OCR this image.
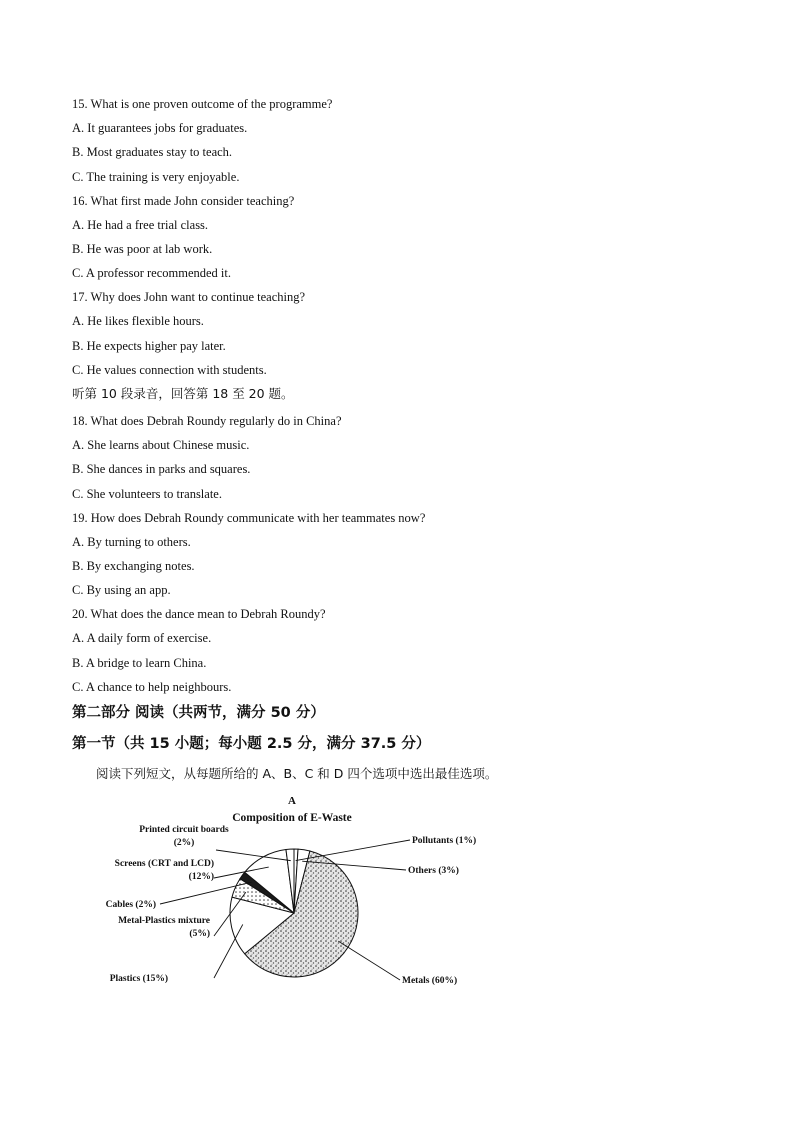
15. What is one proven outcome of the programme?
A. It guarantees jobs for graduates.
B. Most graduates stay to teach.
C. The training is very enjoyable.
16. What first made John consider teaching?
A. He had a free trial class.
B. He was poor at lab work.
C. A professor recommended it.
17. Why does John want to continue teaching?
A. He likes flexible hours.
B. He expects higher pay later.
C. He values connection with students.
听第 10 段录音，回答第 18 至 20 题。
18. What does Debrah Roundy regularly do in China?
A. She learns about Chinese music.
B. She dances in parks and squares.
C. She volunteers to translate.
19. How does Debrah Roundy communicate with her teammates now?
A. By turning to others.
B. By exchanging notes.
C. By using an app.
20. What does the dance mean to Debrah Roundy?
A. A daily form of exercise.
B. A bridge to learn China.
C. A chance to help neighbours.
第二部分 阅读（共两节，满分 50 分）
第一节（共 15 小题；每小题 2.5 分，满分 37.5 分）
阅读下列短文，从每题所给的 A、B、C 和 D 四个选项中选出最佳选项。
A
Composition of E-Waste
Pollutants (1%)
Others (3%)
Metals (60%)
Plastics (15%)
Metal-Plastics mixture
(5%)
Cables (2%)
Screens (CRT and LCD)
(12%)
Printed circuit boards
(2%)
